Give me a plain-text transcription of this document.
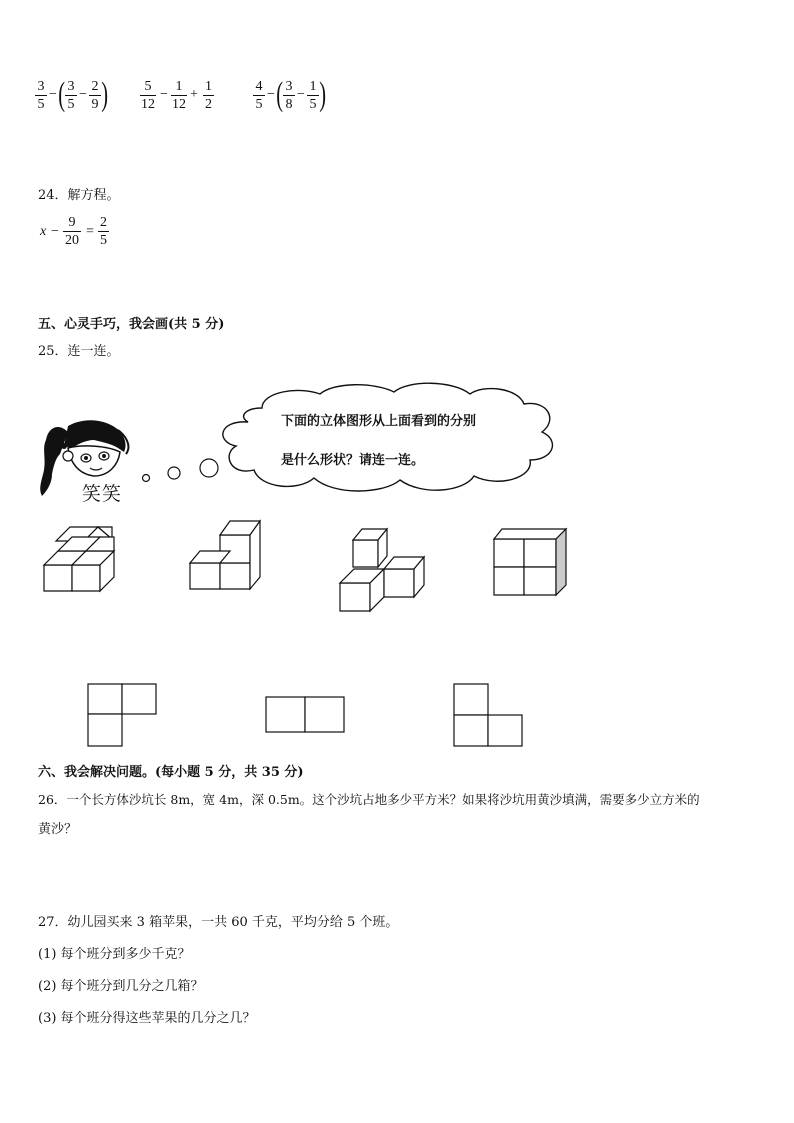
3
5
− ( 3
5
−
2
9 )	5
12
−
1
12
+
1
2
4
5
− ( 3
8
−
1
5 )
24．解方程。
x −
9
20
=
2
5
五、心灵手巧，我会画(共 5 分)
25．连一连。
笑笑
下面的立体图形从上面看到的分别
是什么形状？请连一连。
六、我会解决问题。(每小题 5 分，共 35 分)
26．一个长方体沙坑长 8m，宽 4m，深 0.5m。这个沙坑占地多少平方米？如果将沙坑用黄沙填满，需要多少立方米的
黄沙？
27．幼儿园买来 3 箱苹果，一共 60 千克，平均分给 5 个班。
(1) 每个班分到多少千克？
(2) 每个班分到几分之几箱？
(3) 每个班分得这些苹果的几分之几？
